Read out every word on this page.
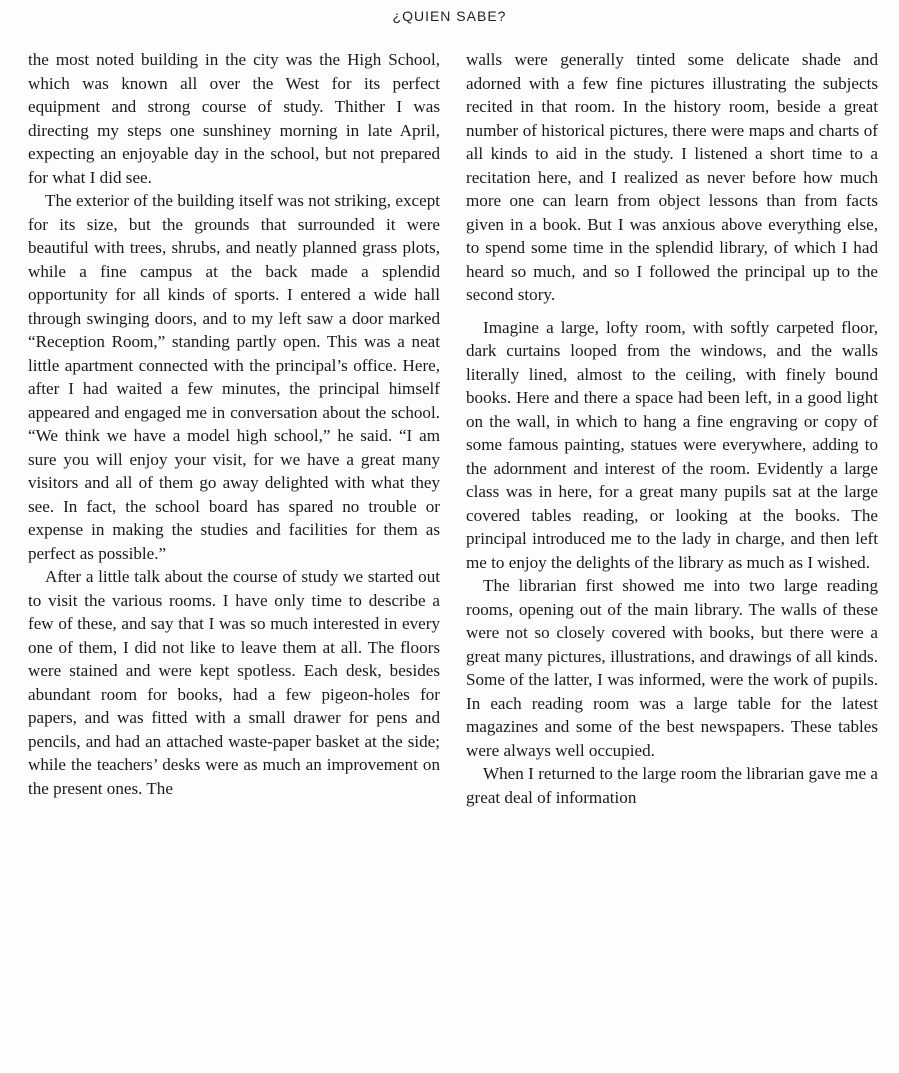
¿QUIEN SABE?

the most noted building in the city was the High School, which was known all over the West for its perfect equipment and strong course of study. Thither I was directing my steps one sunshiney morning in late April, expecting an enjoyable day in the school, but not prepared for what I did see.

The exterior of the building itself was not striking, except for its size, but the grounds that surrounded it were beautiful with trees, shrubs, and neatly planned grass plots, while a fine campus at the back made a splendid opportunity for all kinds of sports. I entered a wide hall through swinging doors, and to my left saw a door marked “Reception Room,” standing partly open. This was a neat little apartment connected with the principal’s office. Here, after I had waited a few minutes, the principal himself appeared and engaged me in conversation about the school. “We think we have a model high school,” he said. “I am sure you will enjoy your visit, for we have a great many visitors and all of them go away delighted with what they see. In fact, the school board has spared no trouble or expense in making the studies and facilities for them as perfect as possible.”

After a little talk about the course of study we started out to visit the various rooms. I have only time to describe a few of these, and say that I was so much interested in every one of them, I did not like to leave them at all. The floors were stained and were kept spotless. Each desk, besides abundant room for books, had a few pigeon-holes for papers, and was fitted with a small drawer for pens and pencils, and had an attached waste-paper basket at the side; while the teachers’ desks were as much an improvement on the present ones. The

walls were generally tinted some delicate shade and adorned with a few fine pictures illustrating the subjects recited in that room. In the history room, beside a great number of historical pictures, there were maps and charts of all kinds to aid in the study. I listened a short time to a recitation here, and I realized as never before how much more one can learn from object lessons than from facts given in a book. But I was anxious above everything else, to spend some time in the splendid library, of which I had heard so much, and so I followed the principal up to the second story.

Imagine a large, lofty room, with softly carpeted floor, dark curtains looped from the windows, and the walls literally lined, almost to the ceiling, with finely bound books. Here and there a space had been left, in a good light on the wall, in which to hang a fine engraving or copy of some famous painting, statues were everywhere, adding to the adornment and interest of the room. Evidently a large class was in here, for a great many pupils sat at the large covered tables reading, or looking at the books. The principal introduced me to the lady in charge, and then left me to enjoy the delights of the library as much as I wished.

The librarian first showed me into two large reading rooms, opening out of the main library. The walls of these were not so closely covered with books, but there were a great many pictures, illustrations, and drawings of all kinds. Some of the latter, I was informed, were the work of pupils. In each reading room was a large table for the latest magazines and some of the best newspapers. These tables were always well occupied.

When I returned to the large room the librarian gave me a great deal of information
